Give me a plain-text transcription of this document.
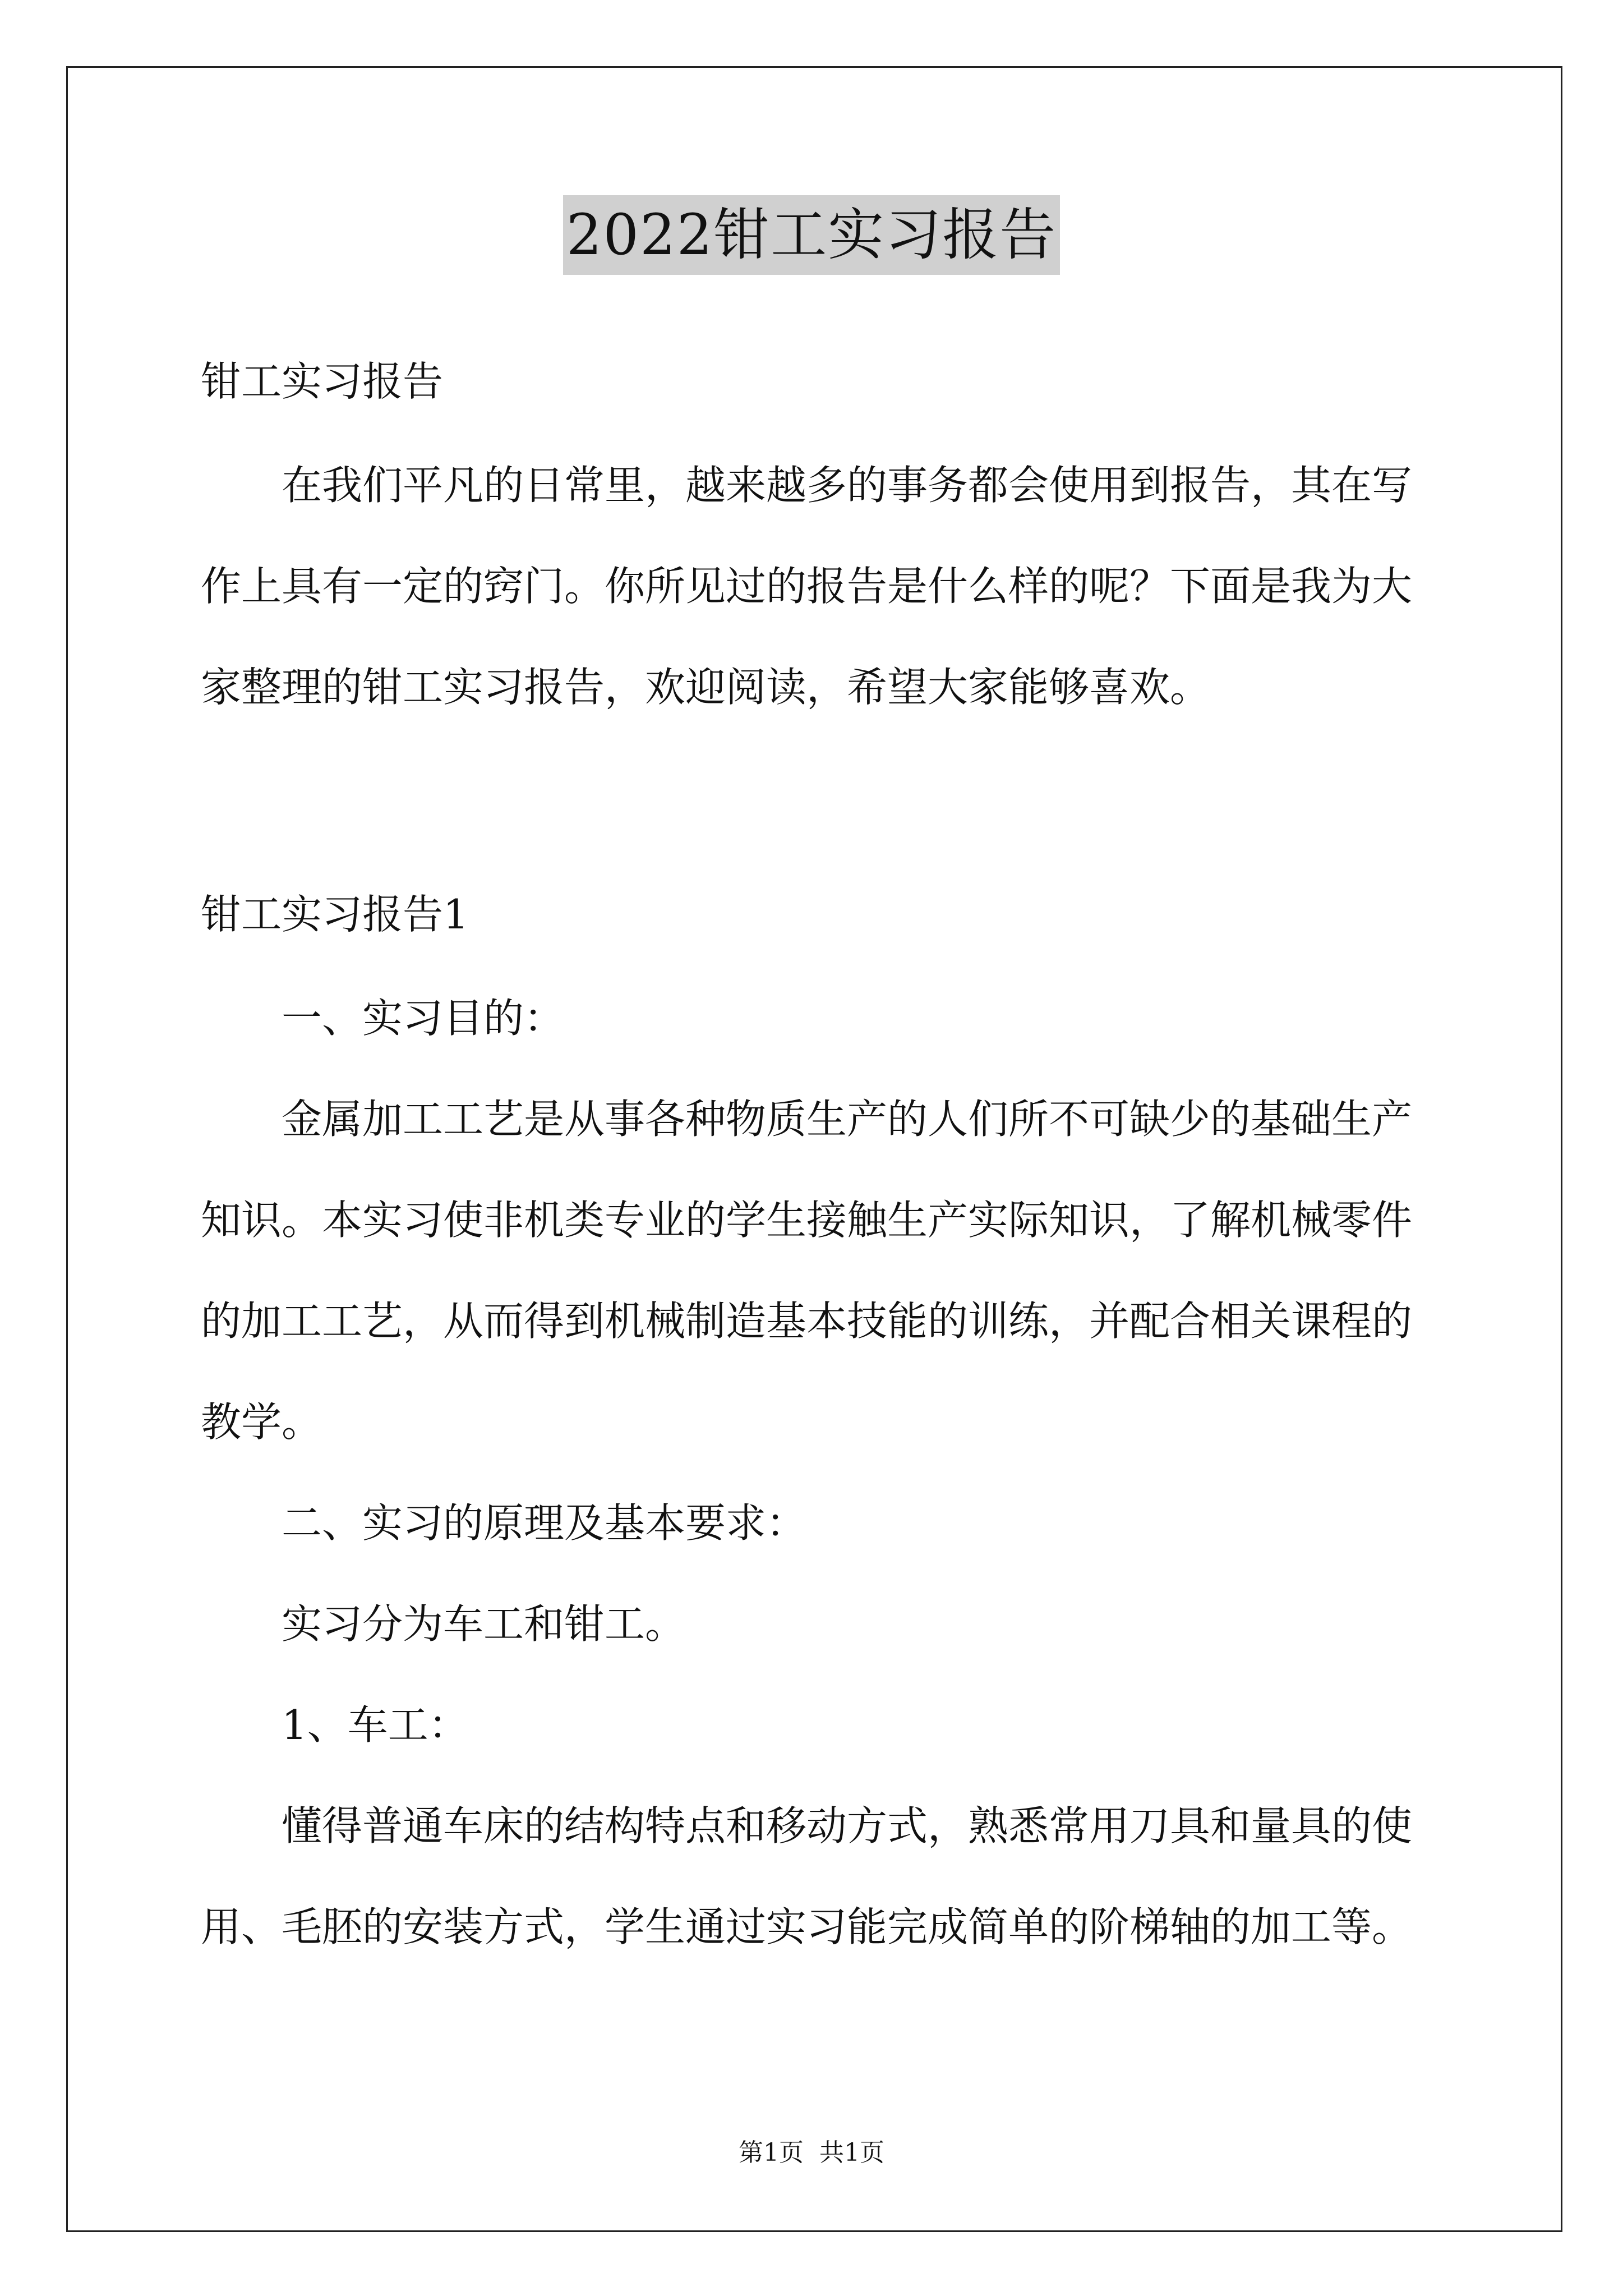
2022钳工实习报告
钳工实习报告
在我们平凡的日常里，越来越多的事务都会使用到报告，其在写
作上具有一定的窍门。你所见过的报告是什么样的呢？下面是我为大
家整理的钳工实习报告，欢迎阅读，希望大家能够喜欢。
钳工实习报告1
一、实习目的：
金属加工工艺是从事各种物质生产的人们所不可缺少的基础生产
知识。本实习使非机类专业的学生接触生产实际知识，了解机械零件
的加工工艺，从而得到机械制造基本技能的训练，并配合相关课程的
教学。
二、实习的原理及基本要求：
实习分为车工和钳工。
1、车工：
懂得普通车床的结构特点和移动方式，熟悉常用刀具和量具的使
用、毛胚的安装方式，学生通过实习能完成简单的阶梯轴的加工等。
第1页 共1页
